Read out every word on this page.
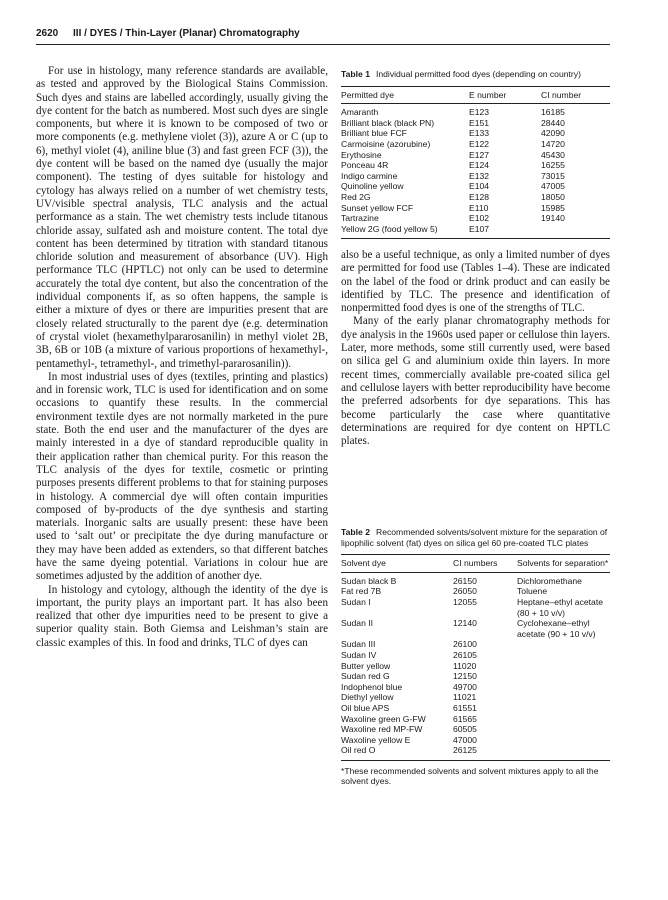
2620 III / DYES / Thin-Layer (Planar) Chromatography

For use in histology, many reference standards are available, as tested and approved by the Biological Stains Commission. Such dyes and stains are labelled accordingly, usually giving the dye content for the batch as numbered. Most such dyes are single components, but where it is known to be composed of two or more components (e.g. methylene violet (3)), azure A or C (up to 6), methyl violet (4), aniline blue (3) and fast green FCF (3)), the dye content will be based on the named dye (usually the major component). The testing of dyes suitable for histology and cytology has always relied on a number of wet chemistry tests, UV/visible spectral analysis, TLC analysis and the actual performance as a stain. The wet chemistry tests include titanous chloride assay, sulfated ash and moisture content. The total dye content has been determined by titration with standard titanous chloride solution and measurement of absorbance (UV). High performance TLC (HPTLC) not only can be used to determine accurately the total dye content, but also the concentration of the individual components if, as so often happens, the sample is either a mixture of dyes or there are impurities present that are closely related structurally to the parent dye (e.g. determination of crystal violet (hexamethylpararosanilin) in methyl violet 2B, 3B, 6B or 10B (a mixture of various proportions of hexamethyl-, pentamethyl-, tetramethyl-, and trimethyl-pararosanilin)).

In most industrial uses of dyes (textiles, printing and plastics) and in forensic work, TLC is used for identification and on some occasions to quantify these results. In the commercial environment textile dyes are not normally marketed in the pure state. Both the end user and the manufacturer of the dyes are mainly interested in a dye of standard reproducible quality in their application rather than chemical purity. For this reason the TLC analysis of the dyes for textile, cosmetic or printing purposes presents different problems to that for staining purposes in histology. A commercial dye will often contain impurities composed of by-products of the dye synthesis and starting materials. Inorganic salts are usually present: these have been used to ‘salt out’ or precipitate the dye during manufacture or they may have been added as extenders, so that different batches have the same dyeing potential. Variations in colour hue are sometimes adjusted by the addition of another dye.

In histology and cytology, although the identity of the dye is important, the purity plays an important part. It has also been realized that other dye impurities need to be present to give a superior quality stain. Both Giemsa and Leishman’s stain are classic examples of this. In food and drinks, TLC of dyes can

Table 1 Individual permitted food dyes (depending on country)
Permitted dye	E number	CI number
Amaranth	E123	16185
Brilliant black (black PN)	E151	28440
Brilliant blue FCF	E133	42090
Carmoisine (azorubine)	E122	14720
Erythosine	E127	45430
Ponceau 4R	E124	16255
Indigo carmine	E132	73015
Quinoline yellow	E104	47005
Red 2G	E128	18050
Sunset yellow FCF	E110	15985
Tartrazine	E102	19140
Yellow 2G (food yellow 5)	E107	

also be a useful technique, as only a limited number of dyes are permitted for food use (Tables 1–4). These are indicated on the label of the food or drink product and can easily be identified by TLC. The presence and identification of nonpermitted food dyes is one of the strengths of TLC.

Many of the early planar chromatography methods for dye analysis in the 1960s used paper or cellulose thin layers. Later, more methods, some still currently used, were based on silica gel G and aluminium oxide thin layers. In more recent times, commercially available pre-coated silica gel and cellulose layers with better reproducibility have become the preferred adsorbents for dye separations. This has become particularly the case where quantitative determinations are required for dye content on HPTLC plates.

Table 2 Recommended solvents/solvent mixture for the separation of lipophilic solvent (fat) dyes on silica gel 60 pre-coated TLC plates
Solvent dye	CI numbers	Solvents for separation*
Sudan black B	26150	Dichloromethane
Fat red 7B	26050	Toluene
Sudan I	12055	Heptane–ethyl acetate (80 + 10 v/v)
Sudan II	12140	Cyclohexane–ethyl acetate (90 + 10 v/v)
Sudan III	26100	
Sudan IV	26105	
Butter yellow	11020	
Sudan red G	12150	
Indophenol blue	49700	
Diethyl yellow	11021	
Oil blue APS	61551	
Waxoline green G-FW	61565	
Waxoline red MP-FW	60505	
Waxoline yellow E	47000	
Oil red O	26125	
*These recommended solvents and solvent mixtures apply to all the solvent dyes.
